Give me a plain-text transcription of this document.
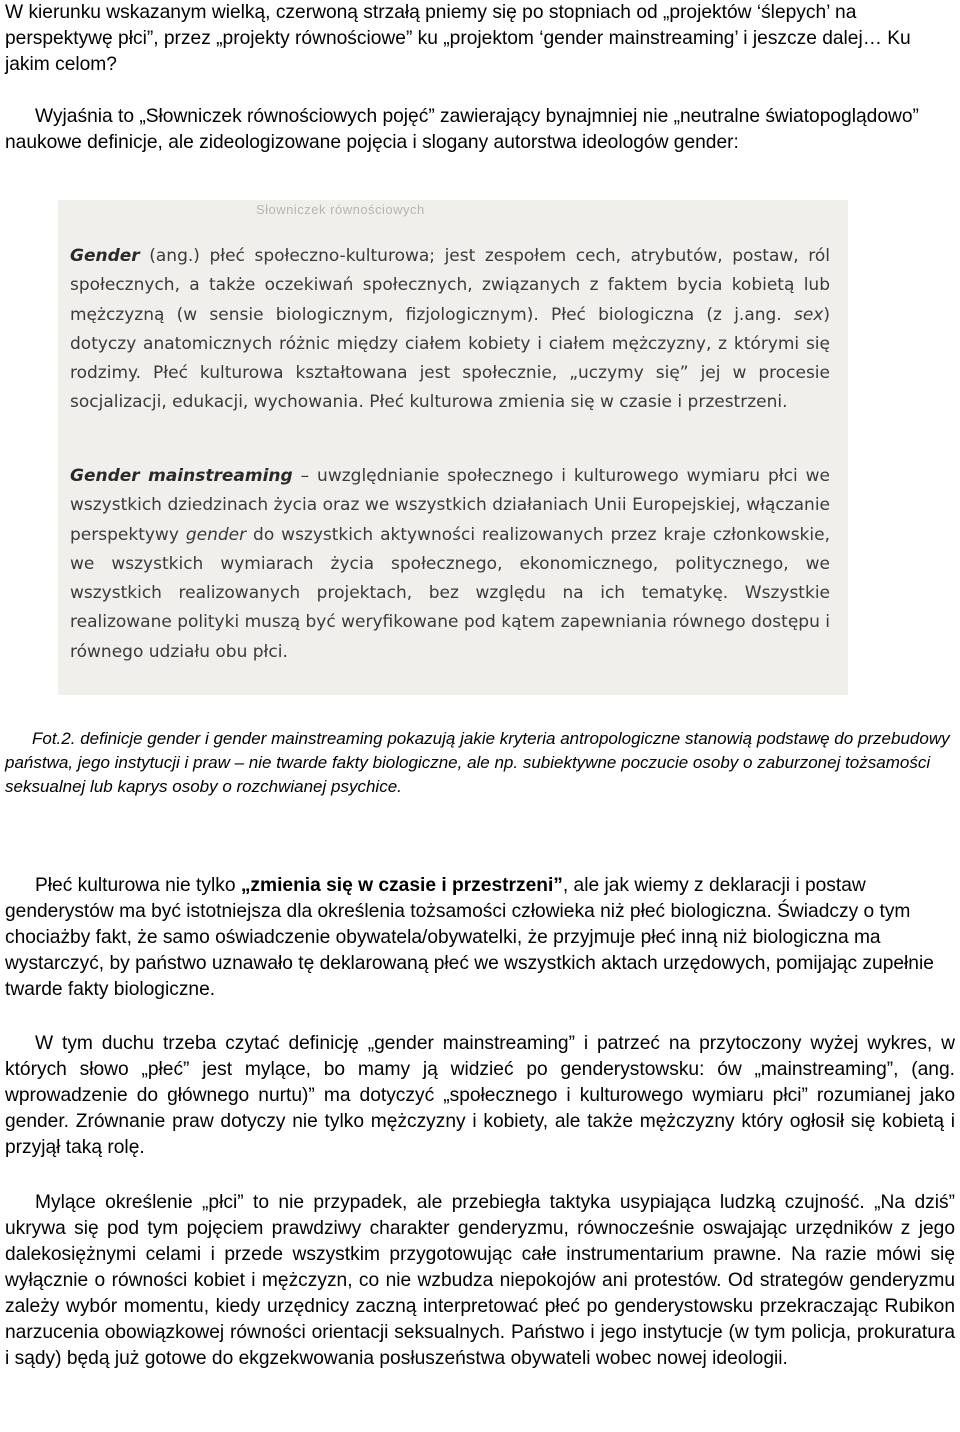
W kierunku wskazanym wielką, czerwoną strzałą pniemy się po stopniach od „projektów ‘ślepych’ na perspektywę płci”, przez „projekty równościowe” ku „projektom ‘gender mainstreaming’ i jeszcze dalej… Ku jakim celom?

Wyjaśnia to „Słowniczek równościowych pojęć” zawierający bynajmniej nie „neutralne światopoglądowo” naukowe definicje, ale zideologizowane pojęcia i slogany autorstwa ideologów gender:

Słowniczek równościowych

Gender (ang.) płeć społeczno-kulturowa; jest zespołem cech, atrybutów, postaw, ról społecznych, a także oczekiwań społecznych, związanych z faktem bycia kobietą lub mężczyzną (w sensie biologicznym, fizjologicznym). Płeć biologiczna (z j.ang. sex) dotyczy anatomicznych różnic między ciałem kobiety i ciałem mężczyzny, z którymi się rodzimy. Płeć kulturowa kształtowana jest społecznie, „uczymy się” jej w procesie socjalizacji, edukacji, wychowania. Płeć kulturowa zmienia się w czasie i przestrzeni.

Gender mainstreaming – uwzględnianie społecznego i kulturowego wymiaru płci we wszystkich dziedzinach życia oraz we wszystkich działaniach Unii Europejskiej, włączanie perspektywy gender do wszystkich aktywności realizowanych przez kraje członkowskie, we wszystkich wymiarach życia społecznego, ekonomicznego, politycznego, we wszystkich realizowanych projektach, bez względu na ich tematykę. Wszystkie realizowane polityki muszą być weryfikowane pod kątem zapewniania równego dostępu i równego udziału obu płci.

Fot.2. definicje gender i gender mainstreaming pokazują jakie kryteria antropologiczne stanowią podstawę do przebudowy państwa, jego instytucji i praw – nie twarde fakty biologiczne, ale np. subiektywne poczucie osoby o zaburzonej tożsamości seksualnej lub kaprys osoby o rozchwianej psychice.

Płeć kulturowa nie tylko „zmienia się w czasie i przestrzeni”, ale jak wiemy z deklaracji i postaw genderystów ma być istotniejsza dla określenia tożsamości człowieka niż płeć biologiczna. Świadczy o tym chociażby fakt, że samo oświadczenie obywatela/obywatelki, że przyjmuje płeć inną niż biologiczna ma wystarczyć, by państwo uznawało tę deklarowaną płeć we wszystkich aktach urzędowych, pomijając zupełnie twarde fakty biologiczne.

W tym duchu trzeba czytać definicję „gender mainstreaming” i patrzeć na przytoczony wyżej wykres, w których słowo „płeć” jest mylące, bo mamy ją widzieć po genderystowsku: ów „mainstreaming”, (ang. wprowadzenie do głównego nurtu)” ma dotyczyć „społecznego i kulturowego wymiaru płci” rozumianej jako gender. Zrównanie praw dotyczy nie tylko mężczyzny i kobiety, ale także mężczyzny który ogłosił się kobietą i przyjął taką rolę.

Mylące określenie „płci” to nie przypadek, ale przebiegła taktyka usypiająca ludzką czujność. „Na dziś” ukrywa się pod tym pojęciem prawdziwy charakter genderyzmu, równocześnie oswajając urzędników z jego dalekosiężnymi celami i przede wszystkim przygotowując całe instrumentarium prawne. Na razie mówi się wyłącznie o równości kobiet i mężczyzn, co nie wzbudza niepokojów ani protestów. Od strategów genderyzmu zależy wybór momentu, kiedy urzędnicy zaczną interpretować płeć po genderystowsku przekraczając Rubikon narzucenia obowiązkowej równości orientacji seksualnych. Państwo i jego instytucje (w tym policja, prokuratura i sądy) będą już gotowe do ekgzekwowania posłuszeństwa obywateli wobec nowej ideologii.
